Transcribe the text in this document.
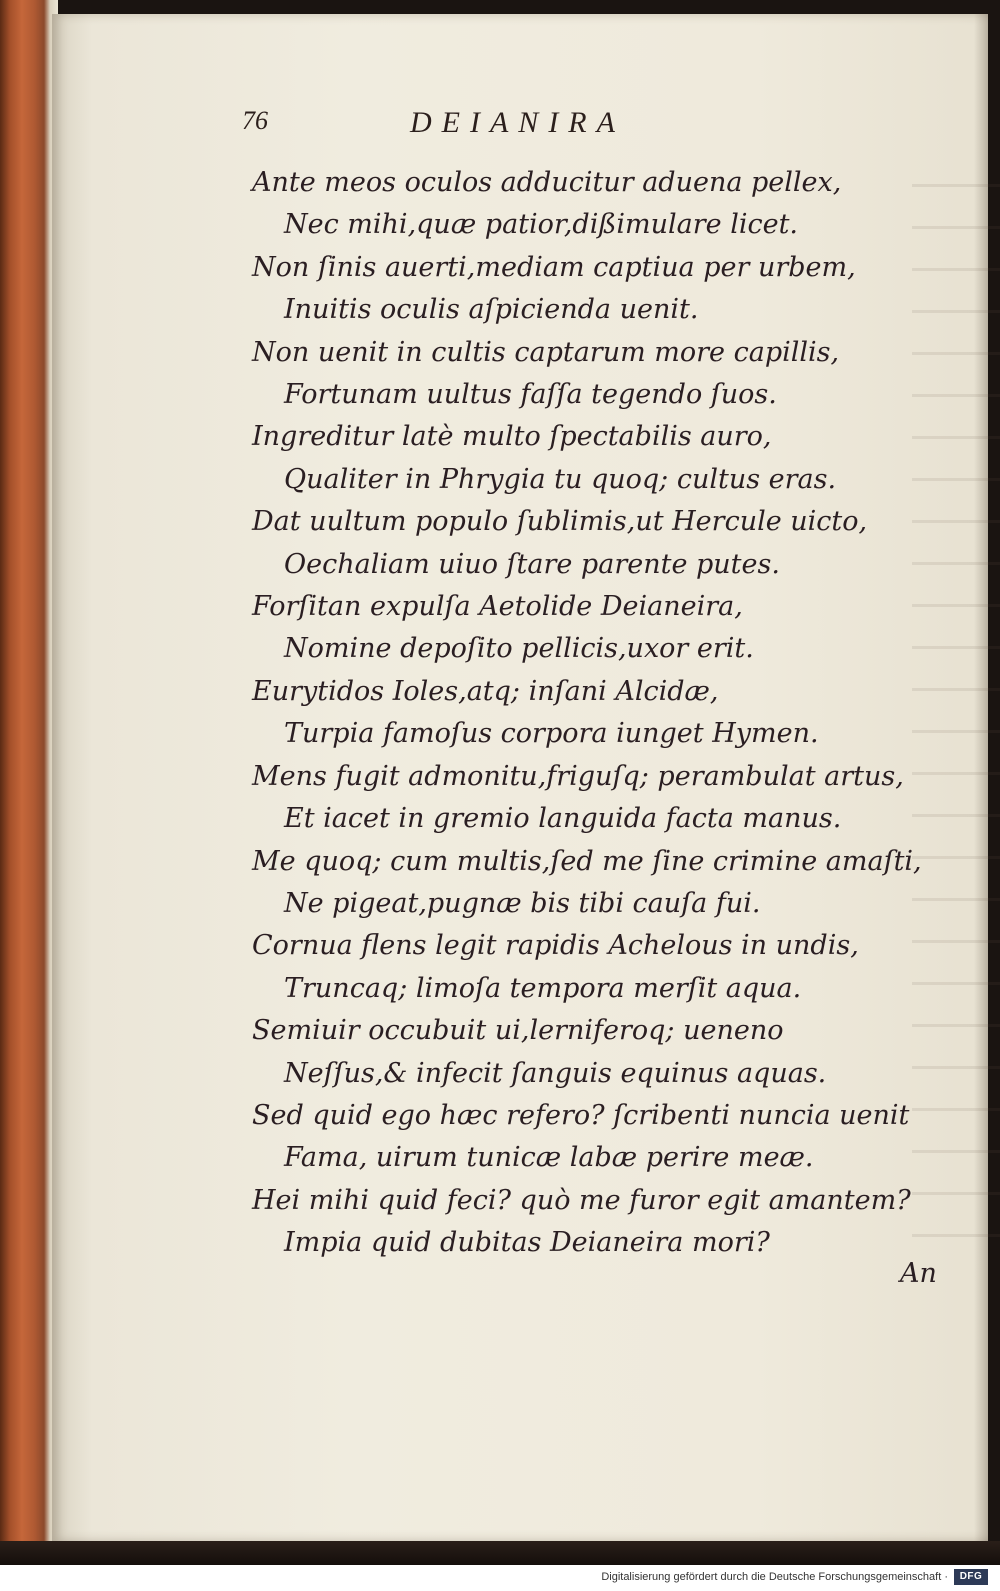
76	DEIANIRA
Ante meos oculos adducitur aduena pellex,
Nec mihi,quæ patior,dißimulare licet.
Non ſinis auerti,mediam captiua per urbem,
Inuitis oculis aſpicienda uenit.
Non uenit in cultis captarum more capillis,
Fortunam uultus faſſa tegendo ſuos.
Ingreditur latè multo ſpectabilis auro,
Qualiter in Phrygia tu quoq; cultus eras.
Dat uultum populo ſublimis,ut Hercule uicto,
Oechaliam uiuo ſtare parente putes.
Forſitan expulſa Aetolide Deianeira,
Nomine depoſito pellicis,uxor erit.
Eurytidos Ioles,atq; inſani Alcidæ,
Turpia famoſus corpora iunget Hymen.
Mens fugit admonitu,friguſq; perambulat artus,
Et iacet in gremio languida facta manus.
Me quoq; cum multis,ſed me ſine crimine amaſti,
Ne pigeat,pugnæ bis tibi cauſa fui.
Cornua flens legit rapidis Achelous in undis,
Truncaq; limoſa tempora merſit aqua.
Semiuir occubuit ui,lerniferoq; ueneno
Neſſus,& infecit ſanguis equinus aquas.
Sed quid ego hæc refero? ſcribenti nuncia uenit
Fama, uirum tunicæ labæ perire meæ.
Hei mihi quid feci? quò me furor egit amantem?
Impia quid dubitas Deianeira mori?
An
Digitalisierung gefördert durch die Deutsche Forschungsgemeinschaft ·	DFG
